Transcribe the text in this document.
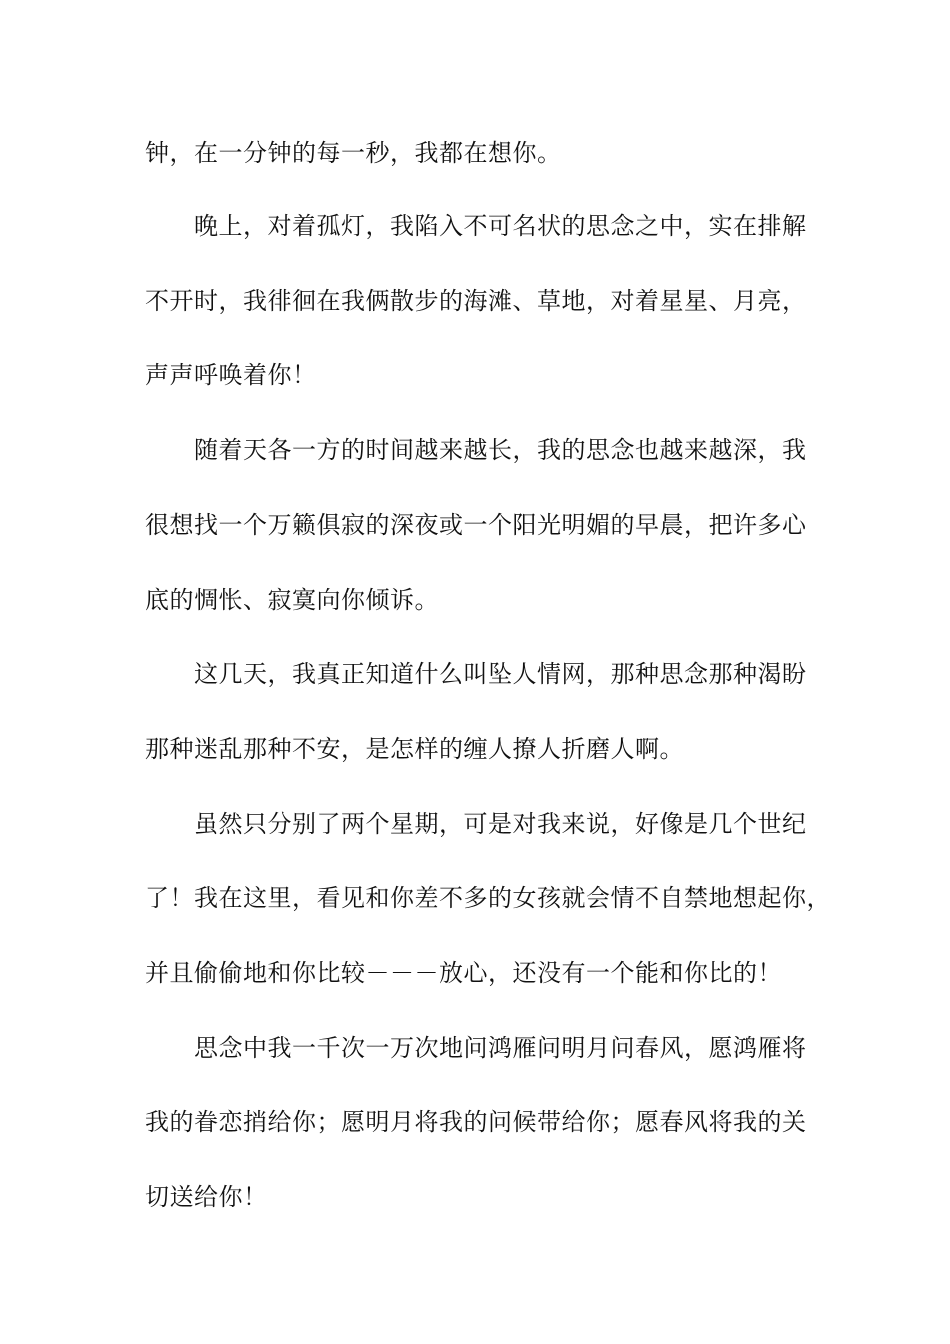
钟，在一分钟的每一秒，我都在想你。
晚上，对着孤灯，我陷入不可名状的思念之中，实在排解
不开时，我徘徊在我俩散步的海滩、草地，对着星星、月亮，
声声呼唤着你！
随着天各一方的时间越来越长，我的思念也越来越深，我
很想找一个万籁俱寂的深夜或一个阳光明媚的早晨，把许多心
底的惆怅、寂寞向你倾诉。
这几天，我真正知道什么叫坠人情网，那种思念那种渴盼
那种迷乱那种不安，是怎样的缠人撩人折磨人啊。
虽然只分别了两个星期，可是对我来说，好像是几个世纪
了！我在这里，看见和你差不多的女孩就会情不自禁地想起你，
并且偷偷地和你比较－－－放心，还没有一个能和你比的！
思念中我一千次一万次地问鸿雁问明月问春风，愿鸿雁将
我的眷恋捎给你；愿明月将我的问候带给你；愿春风将我的关
切送给你！
